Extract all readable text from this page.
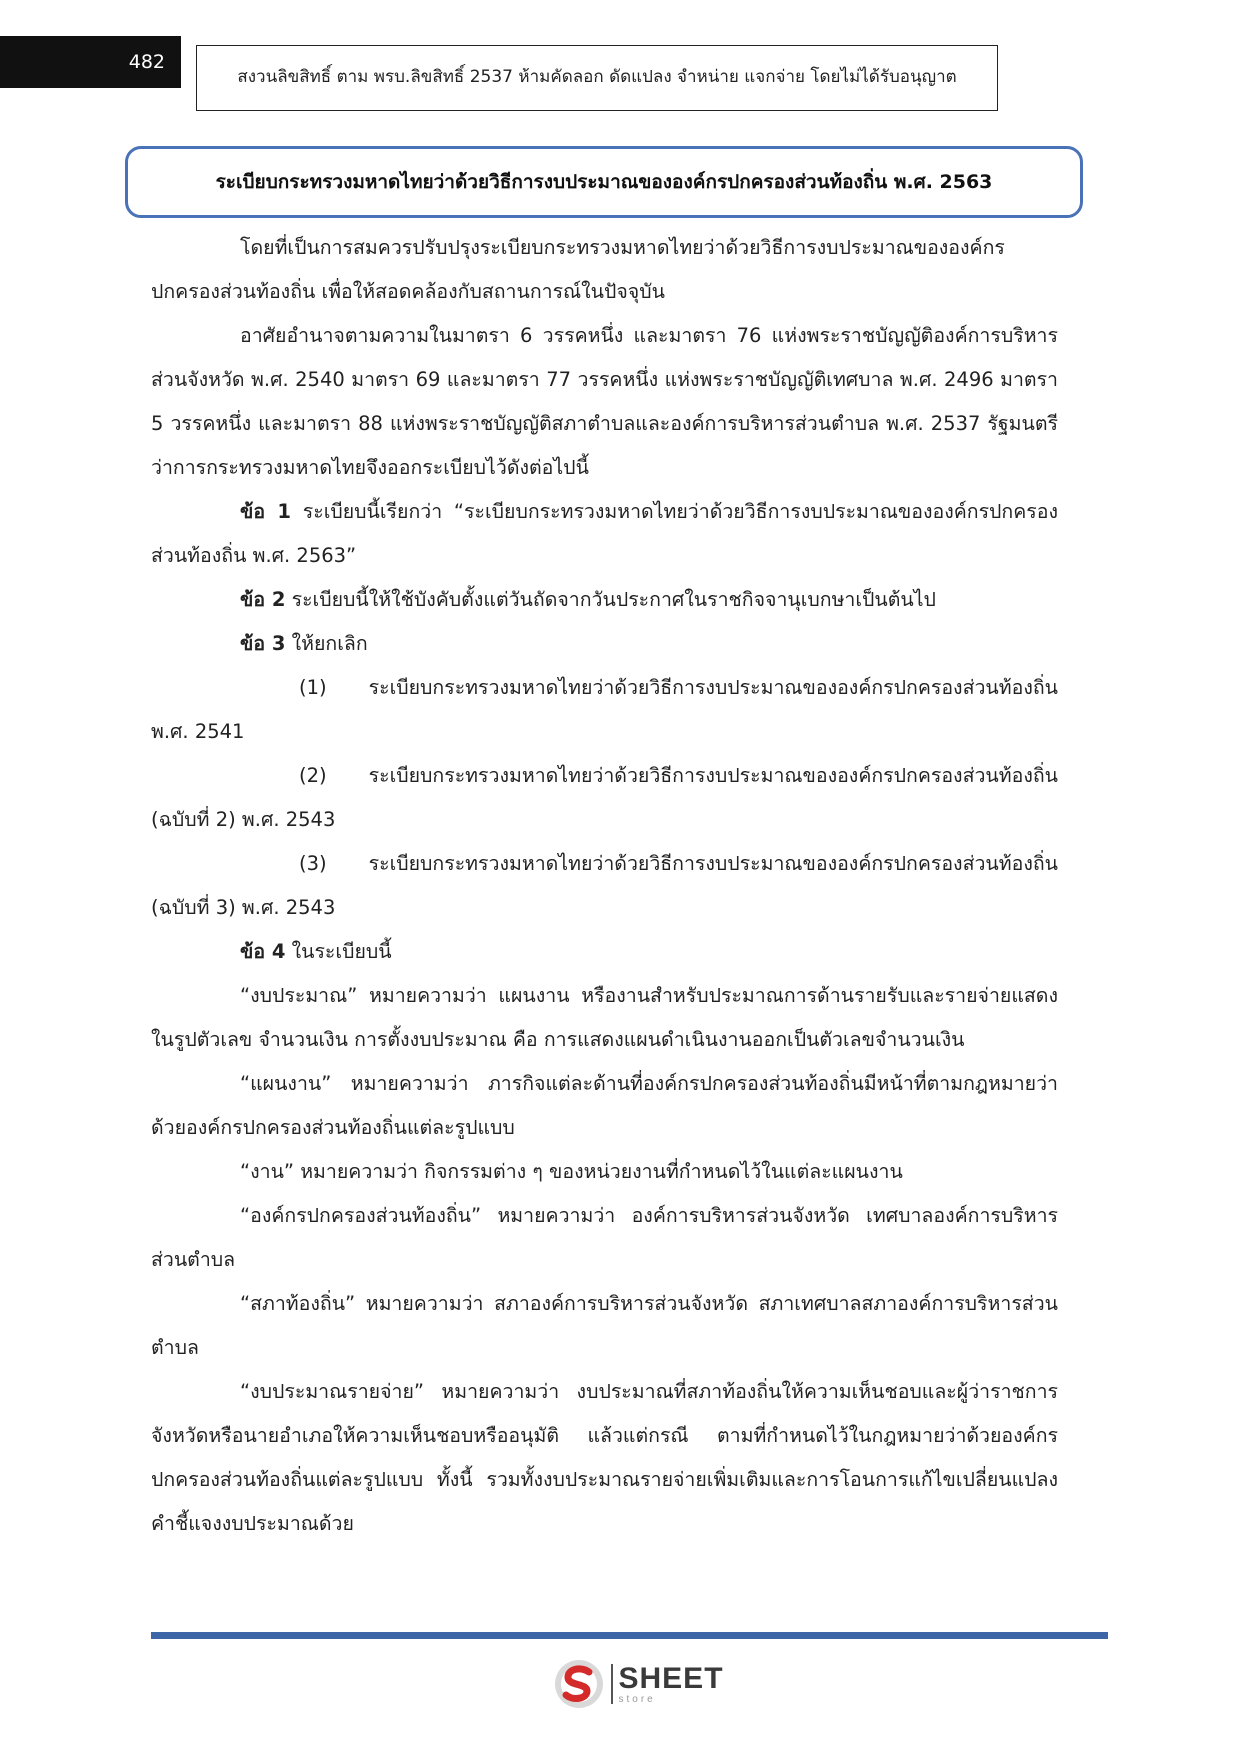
482
สงวนลิขสิทธิ์ ตาม พรบ.ลิขสิทธิ์ 2537 ห้ามคัดลอก ดัดแปลง จำหน่าย แจกจ่าย โดยไม่ได้รับอนุญาต
ระเบียบกระทรวงมหาดไทยว่าด้วยวิธีการงบประมาณขององค์กรปกครองส่วนท้องถิ่น พ.ศ. 2563

โดยที่เป็นการสมควรปรับปรุงระเบียบกระทรวงมหาดไทยว่าด้วยวิธีการงบประมาณขององค์กรปกครองส่วนท้องถิ่น เพื่อให้สอดคล้องกับสถานการณ์ในปัจจุบัน

อาศัยอำนาจตามความในมาตรา 6 วรรคหนึ่ง และมาตรา 76 แห่งพระราชบัญญัติองค์การบริหารส่วนจังหวัด พ.ศ. 2540 มาตรา 69 และมาตรา 77 วรรคหนึ่ง แห่งพระราชบัญญัติเทศบาล พ.ศ. 2496 มาตรา 5 วรรคหนึ่ง และมาตรา 88 แห่งพระราชบัญญัติสภาตำบลและองค์การบริหารส่วนตำบล พ.ศ. 2537 รัฐมนตรีว่าการกระทรวงมหาดไทยจึงออกระเบียบไว้ดังต่อไปนี้

ข้อ 1 ระเบียบนี้เรียกว่า “ระเบียบกระทรวงมหาดไทยว่าด้วยวิธีการงบประมาณขององค์กรปกครองส่วนท้องถิ่น พ.ศ. 2563”

ข้อ 2 ระเบียบนี้ให้ใช้บังคับตั้งแต่วันถัดจากวันประกาศในราชกิจจานุเบกษาเป็นต้นไป

ข้อ 3 ให้ยกเลิก

(1) ระเบียบกระทรวงมหาดไทยว่าด้วยวิธีการงบประมาณขององค์กรปกครองส่วนท้องถิ่น พ.ศ. 2541

(2) ระเบียบกระทรวงมหาดไทยว่าด้วยวิธีการงบประมาณขององค์กรปกครองส่วนท้องถิ่น (ฉบับที่ 2) พ.ศ. 2543

(3) ระเบียบกระทรวงมหาดไทยว่าด้วยวิธีการงบประมาณขององค์กรปกครองส่วนท้องถิ่น (ฉบับที่ 3) พ.ศ. 2543

ข้อ 4 ในระเบียบนี้

“งบประมาณ” หมายความว่า แผนงาน หรืองานสำหรับประมาณการด้านรายรับและรายจ่ายแสดงในรูปตัวเลข จำนวนเงิน การตั้งงบประมาณ คือ การแสดงแผนดำเนินงานออกเป็นตัวเลขจำนวนเงิน

“แผนงาน” หมายความว่า ภารกิจแต่ละด้านที่องค์กรปกครองส่วนท้องถิ่นมีหน้าที่ตามกฎหมายว่าด้วยองค์กรปกครองส่วนท้องถิ่นแต่ละรูปแบบ

“งาน” หมายความว่า กิจกรรมต่าง ๆ ของหน่วยงานที่กำหนดไว้ในแต่ละแผนงาน

“องค์กรปกครองส่วนท้องถิ่น” หมายความว่า องค์การบริหารส่วนจังหวัด เทศบาลองค์การบริหารส่วนตำบล

“สภาท้องถิ่น” หมายความว่า สภาองค์การบริหารส่วนจังหวัด สภาเทศบาลสภาองค์การบริหารส่วนตำบล

“งบประมาณรายจ่าย” หมายความว่า งบประมาณที่สภาท้องถิ่นให้ความเห็นชอบและผู้ว่าราชการจังหวัดหรือนายอำเภอให้ความเห็นชอบหรืออนุมัติ แล้วแต่กรณี ตามที่กำหนดไว้ในกฎหมายว่าด้วยองค์กรปกครองส่วนท้องถิ่นแต่ละรูปแบบ ทั้งนี้ รวมทั้งงบประมาณรายจ่ายเพิ่มเติมและการโอนการแก้ไขเปลี่ยนแปลงคำชี้แจงงบประมาณด้วย

SHEET
store
